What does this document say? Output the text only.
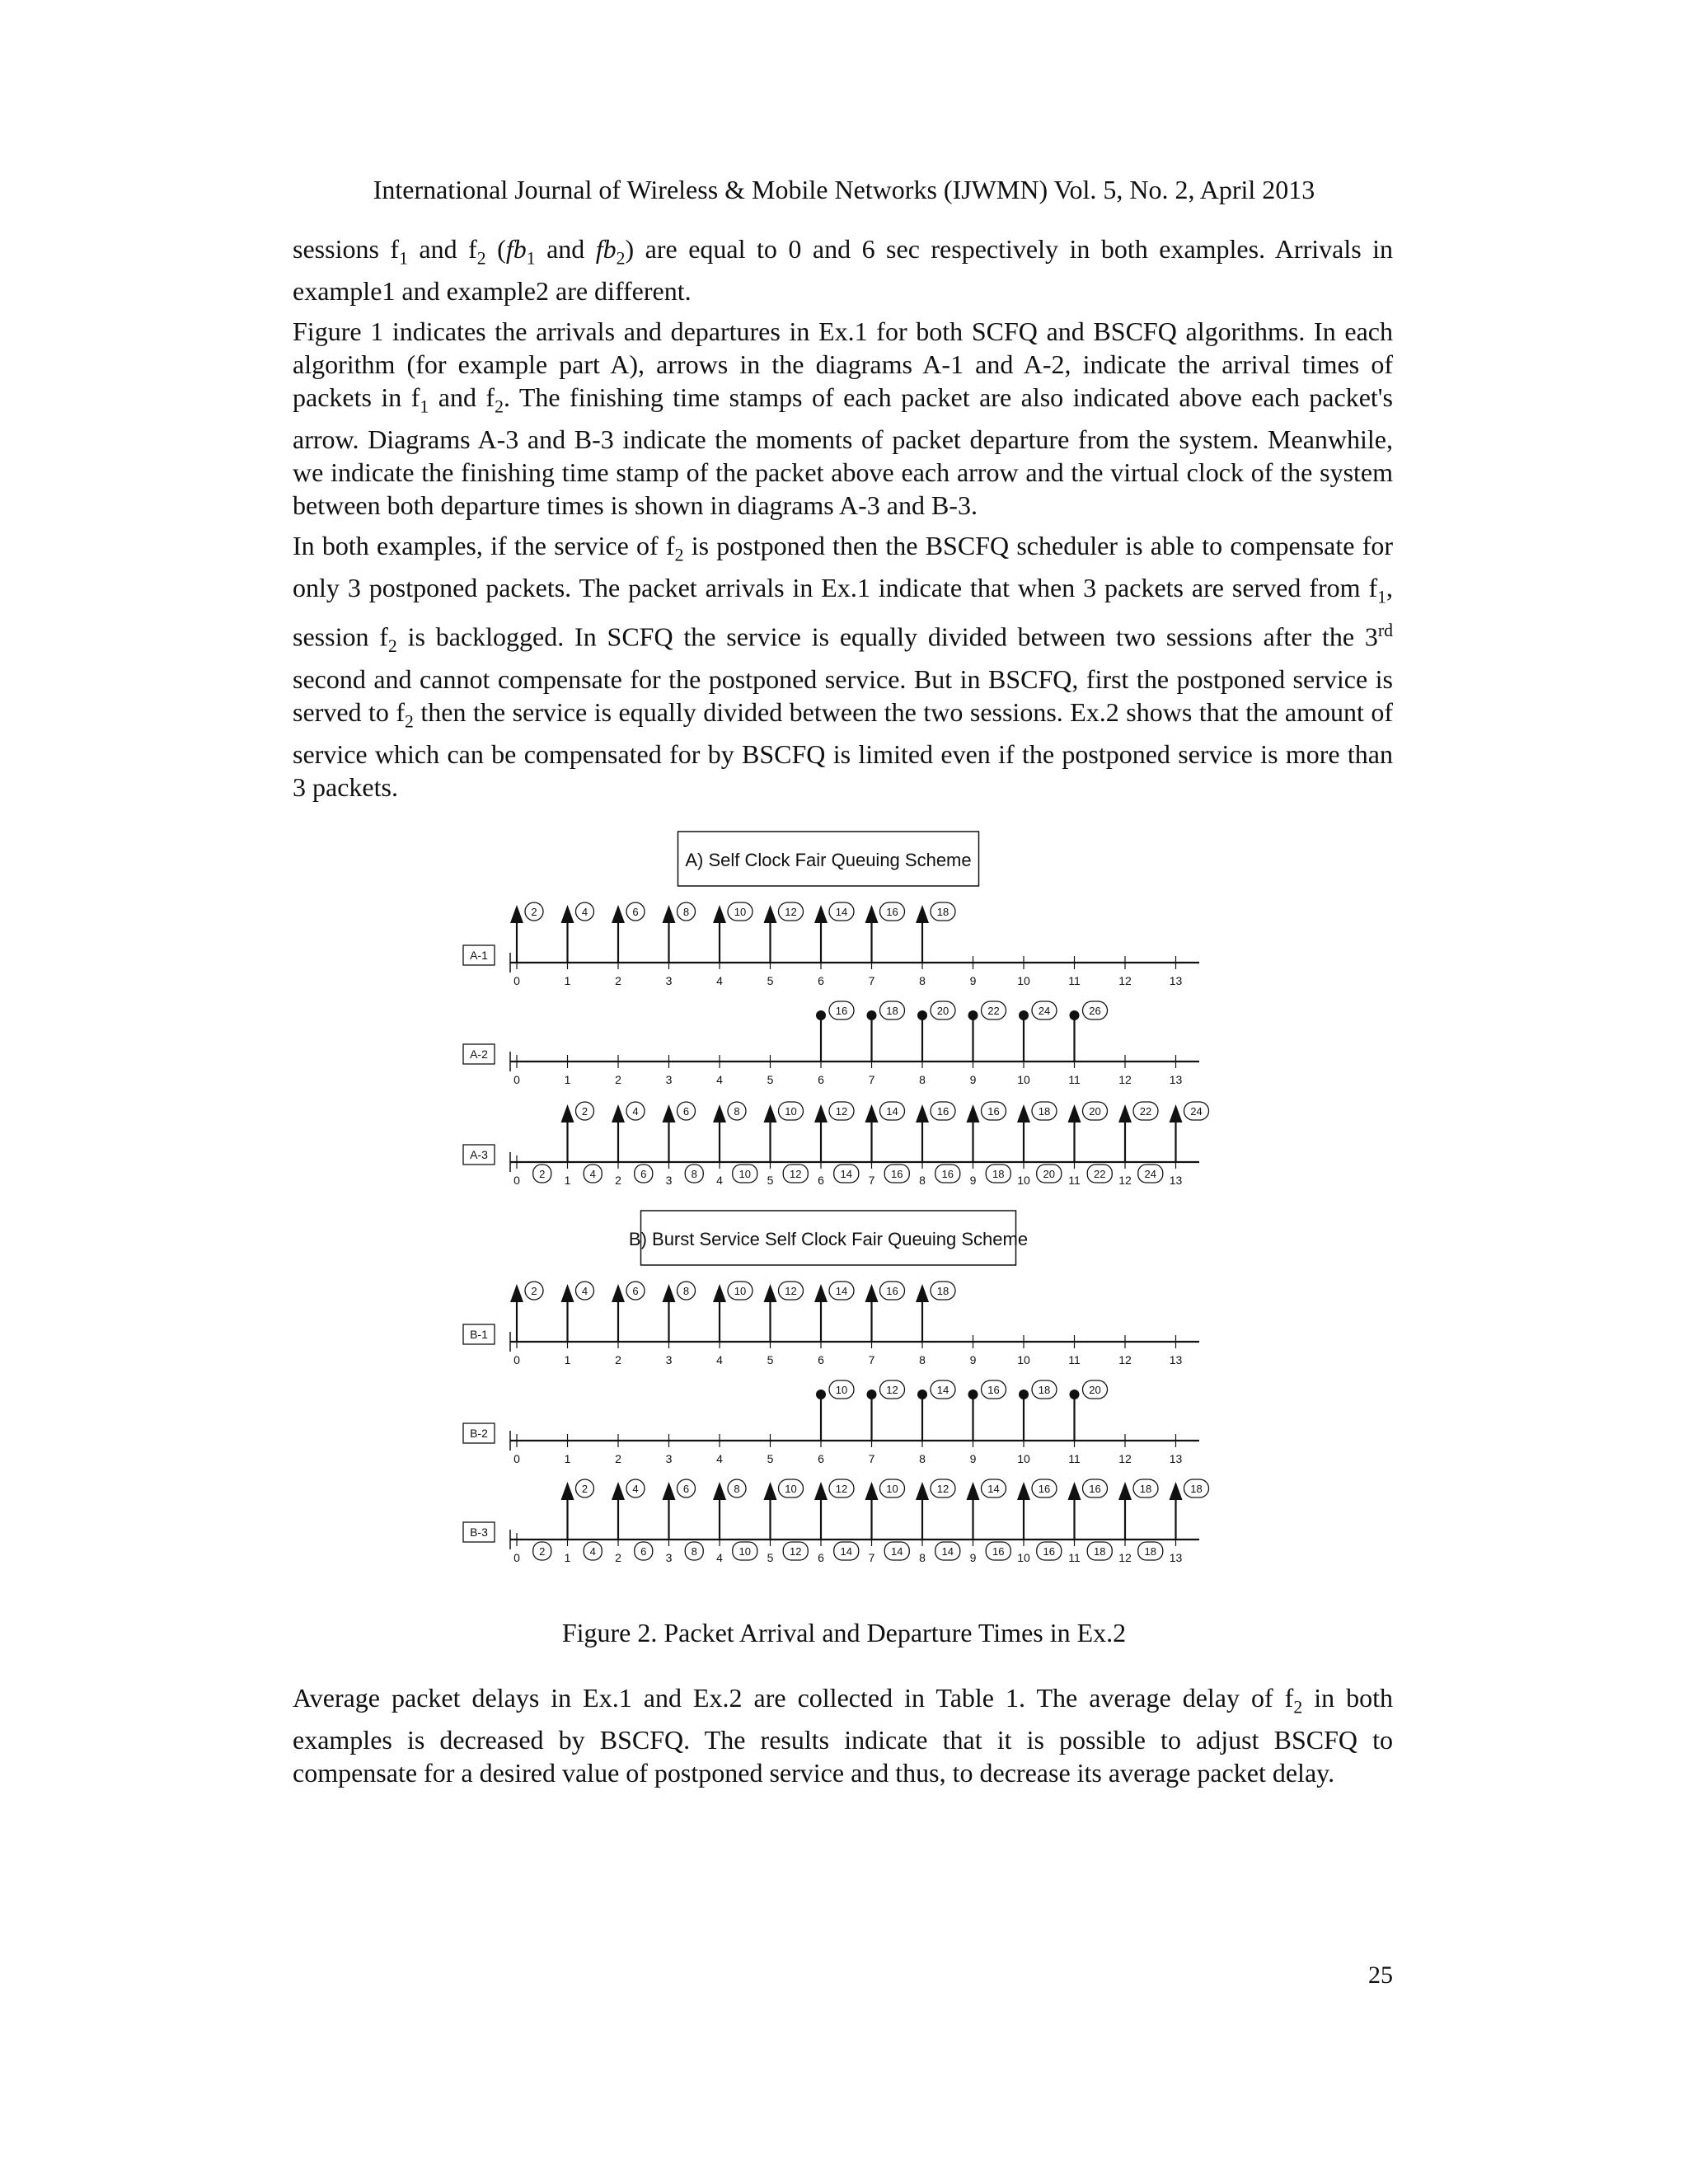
International Journal of Wireless & Mobile Networks (IJWMN) Vol. 5, No. 2, April 2013

sessions $f_1$ and $f_2$ ($fb_1$ and $fb_2$) are equal to 0 and 6 sec respectively in both examples. Arrivals in example1 and example2 are different.

Figure 1 indicates the arrivals and departures in Ex.1 for both SCFQ and BSCFQ algorithms. In each algorithm (for example part A), arrows in the diagrams A-1 and A-2, indicate the arrival times of packets in $f_1$ and $f_2$. The finishing time stamps of each packet are also indicated above each packet's arrow. Diagrams A-3 and B-3 indicate the moments of packet departure from the system. Meanwhile, we indicate the finishing time stamp of the packet above each arrow and the virtual clock of the system between both departure times is shown in diagrams A-3 and B-3.

In both examples, if the service of $f_2$ is postponed then the BSCFQ scheduler is able to compensate for only 3 postponed packets. The packet arrivals in Ex.1 indicate that when 3 packets are served from $f_1$, session $f_2$ is backlogged. In SCFQ the service is equally divided between two sessions after the 3rd second and cannot compensate for the postponed service. But in BSCFQ, first the postponed service is served to $f_2$ then the service is equally divided between the two sessions. Ex.2 shows that the amount of service which can be compensated for by BSCFQ is limited even if the postponed service is more than 3 packets.

A) Self Clock Fair Queuing Scheme
A-1
0	1	2	3	4	5	6	7	8	9	10	11	12	13
2	4	6	8	10	12	14	16	18
A-2
0	1	2	3	4	5	6	7	8	9	10	11	12	13
16	18	20	22	24	26
A-3
0	1	2	3	4	5	6	7	8	9	10	11	12	13
2	4	6	8	10	12	14	16	16	18	20	22	24
2	4	6	8	10	12	14	16	16	18	20	22	24
B) Burst Service Self Clock Fair Queuing Scheme
B-1
0	1	2	3	4	5	6	7	8	9	10	11	12	13
2	4	6	8	10	12	14	16	18
B-2
0	1	2	3	4	5	6	7	8	9	10	11	12	13
10	12	14	16	18	20
B-3
0	1	2	3	4	5	6	7	8	9	10	11	12	13
2	4	6	8	10	12	10	12	14	16	16	18	18
2	4	6	8	10	12	14	14	14	16	16	18	18
Figure 2. Packet Arrival and Departure Times in Ex.2

Average packet delays in Ex.1 and Ex.2 are collected in Table 1. The average delay of $f_2$ in both examples is decreased by BSCFQ. The results indicate that it is possible to adjust BSCFQ to compensate for a desired value of postponed service and thus, to decrease its average packet delay.

25
